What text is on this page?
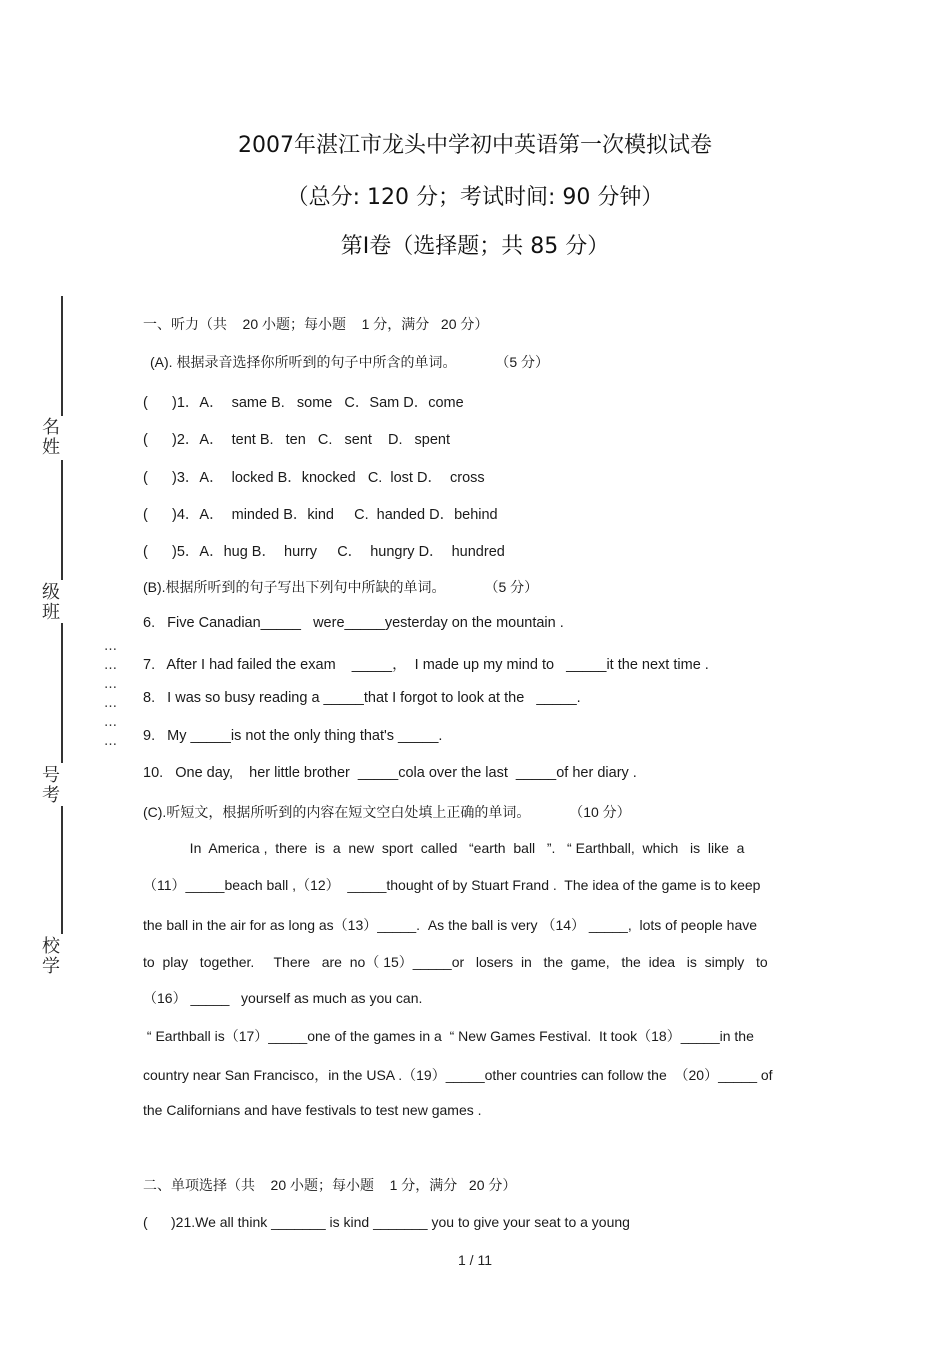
2007年湛江市龙头中学初中英语第一次模拟试卷
（总分: 120 分；考试时间: 90 分钟）
第Ⅰ卷（选择题；共 85 分）
名
姓
级
班
号
考
校
学
…
…
…
…
…
…
一、听力（共    20 小题；每小题    1 分，满分   20 分）
(A). 根据录音选择你所听到的句子中所含的单词。          （5 分）
(      )1．A．  same B.   some   C．Sam D．come
(      )2．A．  tent B.   ten   C.   sent    D.   spent
(      )3．A．  locked B．knocked   C.  lost D．  cross
(      )4．A．  minded B．kind     C.  handed D．behind
(      )5．A．hug B．  hurry     C．  hungry D．  hundred
(B).根据所听到的句子写出下列句中所缺的单词。          （5 分）
6.   Five Canadian_____   were_____yesterday on the mountain .
7.   After I had failed the exam    _____，  I made up my mind to   _____it the next time .
8.   I was so busy reading a _____that I forgot to look at the   _____.
9.   My _____is not the only thing that's _____.
10.   One day,    her little brother  _____cola over the last  _____of her diary .
(C).听短文，根据所听到的内容在短文空白处填上正确的单词。          （10 分）
In  America ,  there  is  a  new  sport  called   “earth  ball   ”.   “ Earthball,  which   is  like  a
（11）_____beach ball ,（12）  _____thought of by Stuart Frand .  The idea of the game is to keep
the ball in the air for as long as（13）_____.  As the ball is very （14） _____,  lots of people have
to  play   together.     There   are  no（ 15）_____or   losers  in   the  game,   the  idea   is  simply   to
（16） _____   yourself as much as you can.
“ Earthball is（17）_____one of the games in a  “ New Games Festival.  It took（18）_____in the
country near San Francisco，in the USA .（19）_____other countries can follow the  （20）_____ of
the Californians and have festivals to test new games .
二、单项选择（共    20 小题；每小题    1 分，满分   20 分）
(      )21.We all think _______ is kind _______ you to give your seat to a young
1 / 11
